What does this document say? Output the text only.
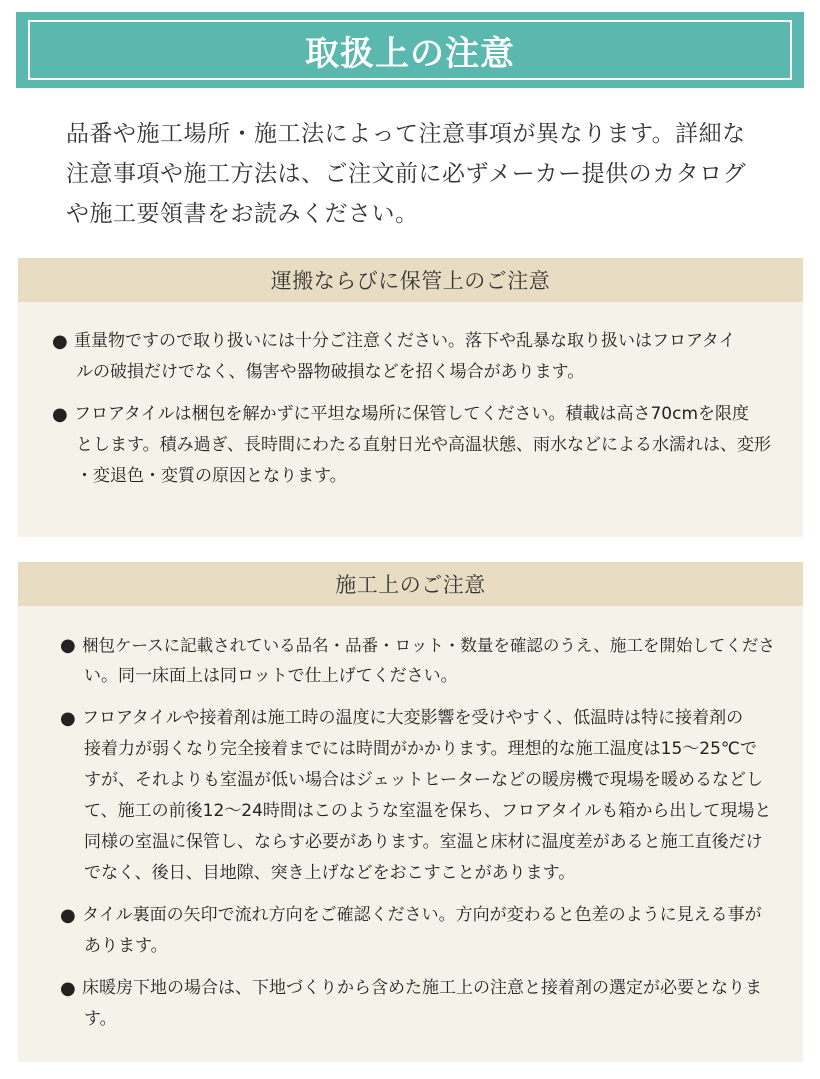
取扱上の注意

品番や施工場所・施工法によって注意事項が異なります。詳細な

注意事項や施工方法は、ご注文前に必ずメーカー提供のカタログ

や施工要領書をお読みください。

運搬ならびに保管上のご注意
● 重量物ですので取り扱いには十分ご注意ください。落下や乱暴な取り扱いはフロアタイ

ルの破損だけでなく、傷害や器物破損などを招く場合があります。

● フロアタイルは梱包を解かずに平坦な場所に保管してください。積載は高さ70cmを限度

とします。積み過ぎ、長時間にわたる直射日光や高温状態、雨水などによる水濡れは、変形

・変退色・変質の原因となります。

施工上のご注意
● 梱包ケースに記載されている品名・品番・ロット・数量を確認のうえ、施工を開始してくださ

い。同一床面上は同ロットで仕上げてください。

● フロアタイルや接着剤は施工時の温度に大変影響を受けやすく、低温時は特に接着剤の

接着力が弱くなり完全接着までには時間がかかります。理想的な施工温度は15～25℃で

すが、それよりも室温が低い場合はジェットヒーターなどの暖房機で現場を暖めるなどし

て、施工の前後12～24時間はこのような室温を保ち、フロアタイルも箱から出して現場と

同様の室温に保管し、ならす必要があります。室温と床材に温度差があると施工直後だけ

でなく、後日、目地隙、突き上げなどをおこすことがあります。

● タイル裏面の矢印で流れ方向をご確認ください。方向が変わると色差のように見える事が

あります。

● 床暖房下地の場合は、下地づくりから含めた施工上の注意と接着剤の選定が必要となりま

す。
